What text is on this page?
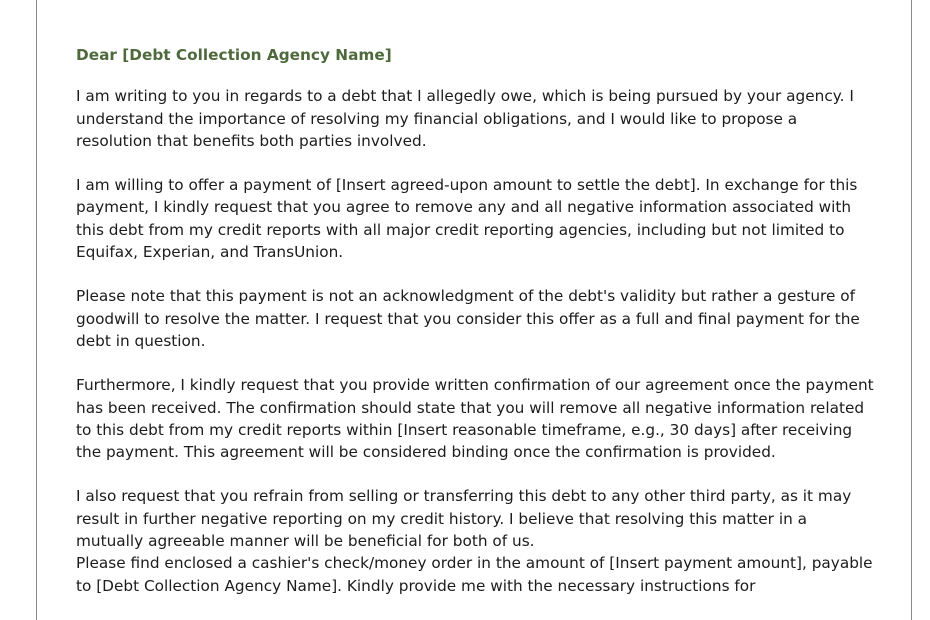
Dear [Debt Collection Agency Name]

I am writing to you in regards to a debt that I allegedly owe, which is being pursued by your agency. I understand the importance of resolving my financial obligations, and I would like to propose a resolution that benefits both parties involved.

I am willing to offer a payment of [Insert agreed-upon amount to settle the debt]. In exchange for this payment, I kindly request that you agree to remove any and all negative information associated with this debt from my credit reports with all major credit reporting agencies, including but not limited to Equifax, Experian, and TransUnion.

Please note that this payment is not an acknowledgment of the debt's validity but rather a gesture of goodwill to resolve the matter. I request that you consider this offer as a full and final payment for the debt in question.

Furthermore, I kindly request that you provide written confirmation of our agreement once the payment has been received. The confirmation should state that you will remove all negative information related to this debt from my credit reports within [Insert reasonable timeframe, e.g., 30 days] after receiving the payment. This agreement will be considered binding once the confirmation is provided.

I also request that you refrain from selling or transferring this debt to any other third party, as it may result in further negative reporting on my credit history. I believe that resolving this matter in a mutually agreeable manner will be beneficial for both of us.

Please find enclosed a cashier's check/money order in the amount of [Insert payment amount], payable to [Debt Collection Agency Name]. Kindly provide me with the necessary instructions for
